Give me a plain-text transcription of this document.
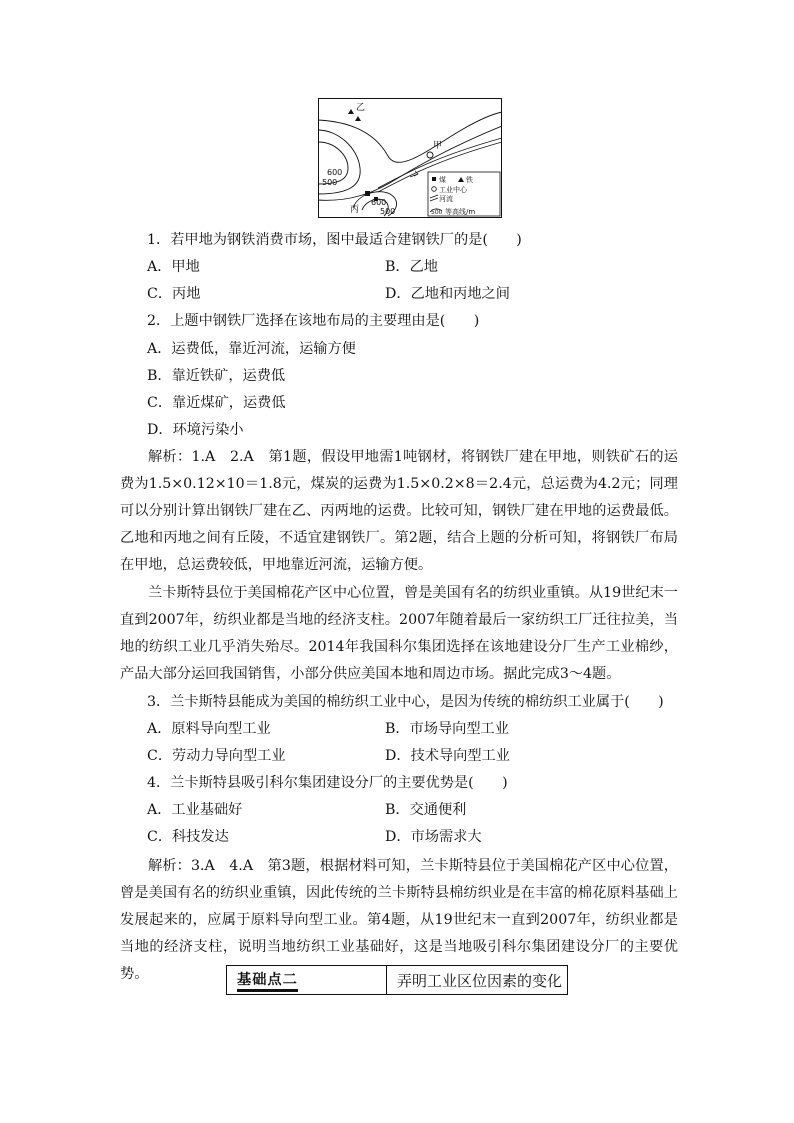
乙
甲
丙
600
500
600
500
煤	铁
工业中心
河流
500 等高线/m
1．若甲地为钢铁消费市场，图中最适合建钢铁厂的是(　　)
A．甲地	B．乙地
C．丙地	D．乙地和丙地之间
2．上题中钢铁厂选择在该地布局的主要理由是(　　)
A．运费低，靠近河流，运输方便
B．靠近铁矿，运费低
C．靠近煤矿，运费低
D．环境污染小
解析：1.A　2.A　第1题，假设甲地需1吨钢材，将钢铁厂建在甲地，则铁矿石的运费为1.5×0.12×10＝1.8元，煤炭的运费为1.5×0.2×8＝2.4元，总运费为4.2元；同理可以分别计算出钢铁厂建在乙、丙两地的运费。比较可知，钢铁厂建在甲地的运费最低。乙地和丙地之间有丘陵，不适宜建钢铁厂。第2题，结合上题的分析可知，将钢铁厂布局在甲地，总运费较低，甲地靠近河流，运输方便。
兰卡斯特县位于美国棉花产区中心位置，曾是美国有名的纺织业重镇。从19世纪末一直到2007年，纺织业都是当地的经济支柱。2007年随着最后一家纺织工厂迁往拉美，当地的纺织工业几乎消失殆尽。2014年我国科尔集团选择在该地建设分厂生产工业棉纱，产品大部分运回我国销售，小部分供应美国本地和周边市场。据此完成3～4题。
3．兰卡斯特县能成为美国的棉纺织工业中心，是因为传统的棉纺织工业属于(　　)
A．原料导向型工业	B．市场导向型工业
C．劳动力导向型工业	D．技术导向型工业
4．兰卡斯特县吸引科尔集团建设分厂的主要优势是(　　)
A．工业基础好	B．交通便利
C．科技发达	D．市场需求大
解析：3.A　4.A　第3题，根据材料可知，兰卡斯特县位于美国棉花产区中心位置，曾是美国有名的纺织业重镇，因此传统的兰卡斯特县棉纺织业是在丰富的棉花原料基础上发展起来的，应属于原料导向型工业。第4题，从19世纪末一直到2007年，纺织业都是当地的经济支柱，说明当地纺织工业基础好，这是当地吸引科尔集团建设分厂的主要优势。	基础点二	弄明工业区位因素的变化
